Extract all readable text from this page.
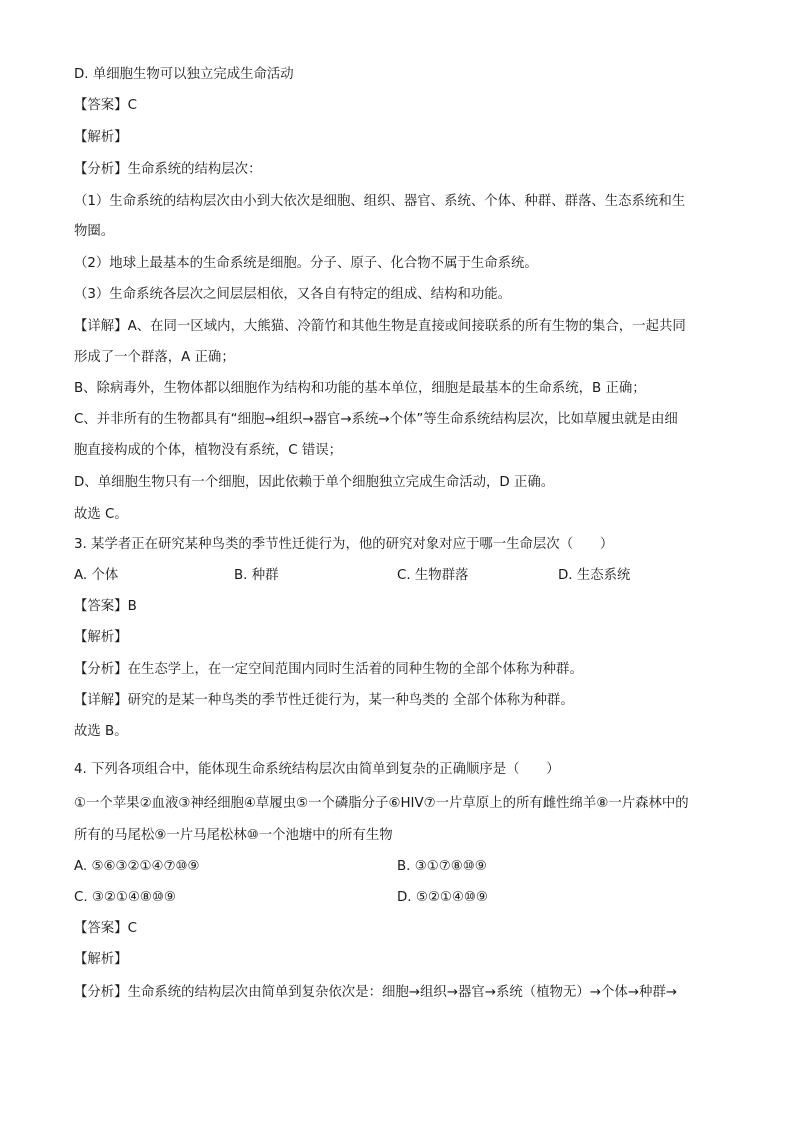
D. 单细胞生物可以独立完成生命活动
【答案】C
【解析】
【分析】生命系统的结构层次：
（1）生命系统的结构层次由小到大依次是细胞、组织、器官、系统、个体、种群、群落、生态系统和生
物圈。
（2）地球上最基本的生命系统是细胞。分子、原子、化合物不属于生命系统。
（3）生命系统各层次之间层层相依，又各自有特定的组成、结构和功能。
【详解】A、在同一区域内，大熊猫、冷箭竹和其他生物是直接或间接联系的所有生物的集合，一起共同
形成了一个群落，A 正确；
B、除病毒外，生物体都以细胞作为结构和功能的基本单位，细胞是最基本的生命系统，B 正确；
C、并非所有的生物都具有“细胞→组织→器官→系统→个体”等生命系统结构层次，比如草履虫就是由细
胞直接构成的个体，植物没有系统，C 错误；
D、单细胞生物只有一个细胞，因此依赖于单个细胞独立完成生命活动，D 正确。
故选 C。
3. 某学者正在研究某种鸟类的季节性迁徙行为，他的研究对象对应于哪一生命层次（　　）
A. 个体	B. 种群	C. 生物群落	D. 生态系统
【答案】B
【解析】
【分析】在生态学上，在一定空间范围内同时生活着的同种生物的全部个体称为种群。
【详解】研究的是某一种鸟类的季节性迁徙行为，某一种鸟类的 全部个体称为种群。
故选 B。
4. 下列各项组合中，能体现生命系统结构层次由简单到复杂的正确顺序是（　　）
①一个苹果②血液③神经细胞④草履虫⑤一个磷脂分子⑥HIV⑦一片草原上的所有雌性绵羊⑧一片森林中的
所有的马尾松⑨一片马尾松林⑩一个池塘中的所有生物
A. ⑤⑥③②①④⑦⑩⑨	B. ③①⑦⑧⑩⑨
C. ③②①④⑧⑩⑨	D. ⑤②①④⑩⑨
【答案】C
【解析】
【分析】生命系统的结构层次由简单到复杂依次是：细胞→组织→器官→系统（植物无）→个体→种群→
